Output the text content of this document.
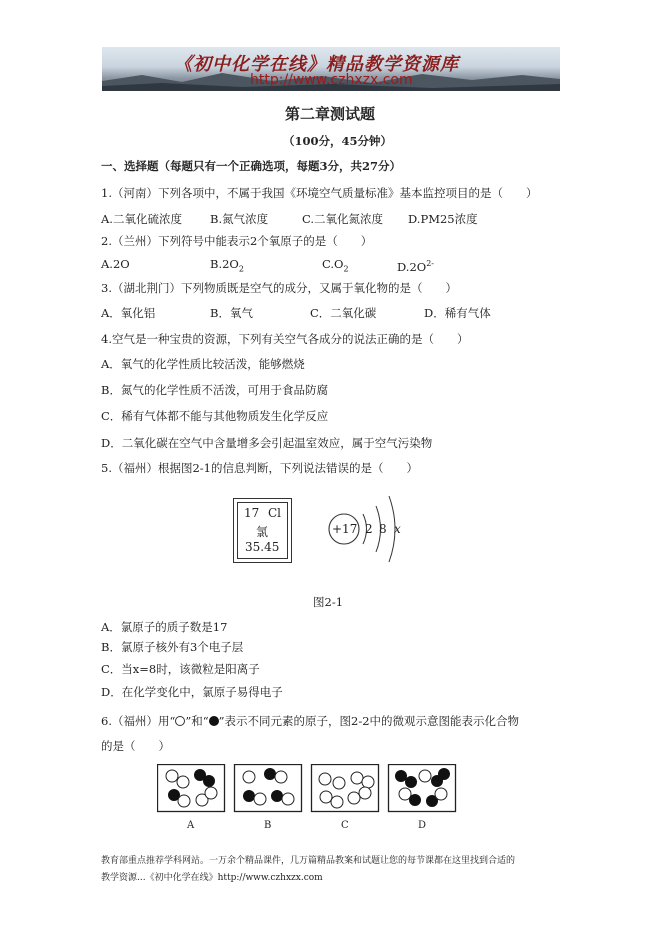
《初中化学在线》精品教学资源库
http://www.czhxzx.com
第二章测试题
（100分，45分钟）
一、选择题（每题只有一个正确选项，每题3分，共27分）
1.（河南）下列各项中，不属于我国《环境空气质量标准》基本监控项目的是（　　）
A.二氧化硫浓度 B.氮气浓度	C.二氧化氮浓度 D.PM25浓度
2.（兰州）下列符号中能表示2个氧原子的是（　　）
A.2O	$B.2O_2$	$C.O_2$	$D.2O^{2-}$
3.（湖北荆门）下列物质既是空气的成分，又属于氧化物的是（　　）
A．氧化铝	B．氧气	C．二氧化碳	D．稀有气体
4.空气是一种宝贵的资源，下列有关空气各成分的说法正确的是（　　）
A．氧气的化学性质比较活泼，能够燃烧
B．氮气的化学性质不活泼，可用于食品防腐
C．稀有气体都不能与其他物质发生化学反应
D．二氧化碳在空气中含量增多会引起温室效应，属于空气污染物
5.（福州）根据图2-1的信息判断，下列说法错误的是（　　）
17 Cl
氯
35.45
+17 2 8 x
图2-1
A．氯原子的质子数是17
B．氯原子核外有3个电子层
C．当x=8时，该微粒是阳离子
D．在化学变化中，氯原子易得电子
6.（福州）用“ ”和“ ”表示不同元素的原子，图2-2中的微观示意图能表示化合物
的是（　　）
A	B	C	D
教育部重点推荐学科网站。一万余个精品课件，几万篇精品教案和试题让您的每节课都在这里找到合适的
教学资源...《初中化学在线》http://www.czhxzx.com
